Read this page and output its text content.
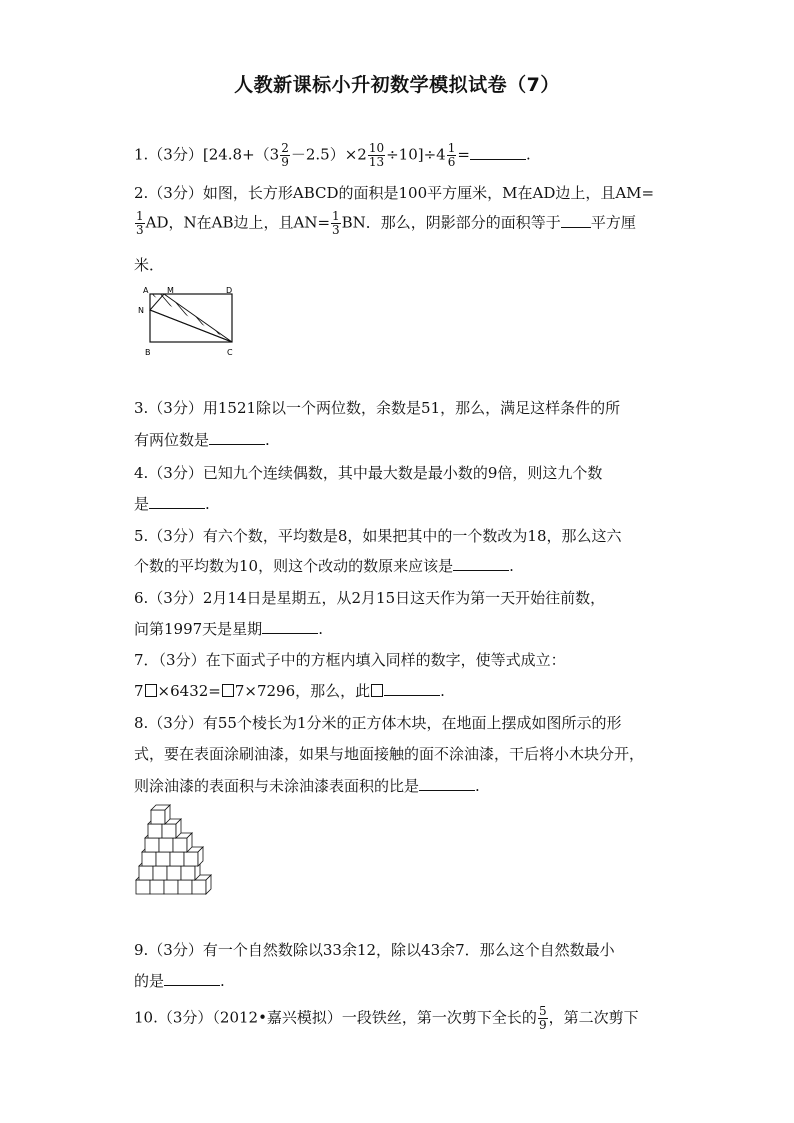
人教新课标小升初数学模拟试卷（7）
1.（3分）$[24.8+(3 \frac{2}{9} -2.5)\times 2 \frac{10}{13} \div 10]\div 4 \frac{1}{6}$ =	.
2.（3分）如图，长方形ABCD的面积是100平方厘米，M在AD边上，且AM=
$\frac{1}{3}$ AD，N在AB边上，且$AN= \frac{1}{3}$ BN．那么，阴影部分的面积等于 平方厘
米．
A M	D
N
B	C
3.（3分）用1521除以一个两位数，余数是51，那么，满足这样条件的所
有两位数是	.
4.（3分）已知九个连续偶数，其中最大数是最小数的9倍，则这九个数
是	.
5.（3分）有六个数，平均数是8，如果把其中的一个数改为18，那么这六
个数的平均数为10，则这个改动的数原来应该是	.
6.（3分）2月14日是星期五，从2月15日这天作为第一天开始往前数，
问第1997天是星期	.
7．（3分）在下面式子中的方框内填入同样的数字，使等式成立：
7 ×6432= 7×7296，那么，此	.
8.（3分）有55个棱长为1分米的正方体木块，在地面上摆成如图所示的形
式，要在表面涂刷油漆，如果与地面接触的面不涂油漆，干后将小木块分开，
则涂油漆的表面积与未涂油漆表面积的比是	.
9.（3分）有一个自然数除以33余12，除以43余7．那么这个自然数最小
的是	.
10.（3分）（2012•嘉兴模拟）一段铁丝，第一次剪下全长的 $\frac{5}{9}$ ，第二次剪下
